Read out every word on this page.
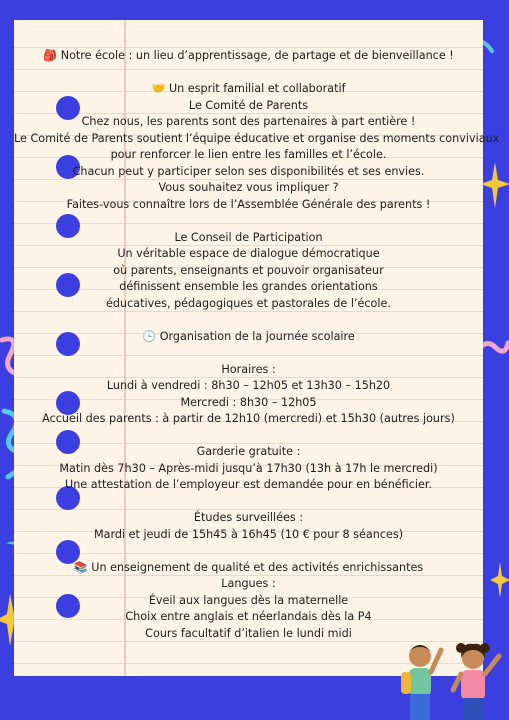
🎒 Notre école : un lieu d’apprentissage, de partage et de bienveillance !
🤝 Un esprit familial et collaboratif
Le Comité de Parents
Chez nous, les parents sont des partenaires à part entière !
Le Comité de Parents soutient l’équipe éducative et organise des moments conviviaux
pour renforcer le lien entre les familles et l’école.
Chacun peut y participer selon ses disponibilités et ses envies.
Vous souhaitez vous impliquer ?
Faites-vous connaître lors de l’Assemblée Générale des parents !
Le Conseil de Participation
Un véritable espace de dialogue démocratique
où parents, enseignants et pouvoir organisateur
définissent ensemble les grandes orientations
éducatives, pédagogiques et pastorales de l’école.
🕒 Organisation de la journée scolaire
Horaires :
Lundi à vendredi : 8h30 – 12h05 et 13h30 – 15h20
Mercredi : 8h30 – 12h05
Accueil des parents : à partir de 12h10 (mercredi) et 15h30 (autres jours)
Garderie gratuite :
Matin dès 7h30 – Après-midi jusqu’à 17h30 (13h à 17h le mercredi)
Une attestation de l’employeur est demandée pour en bénéficier.
Études surveillées :
Mardi et jeudi de 15h45 à 16h45 (10 € pour 8 séances)
📚 Un enseignement de qualité et des activités enrichissantes
Langues :
Éveil aux langues dès la maternelle
Choix entre anglais et néerlandais dès la P4
Cours facultatif d’italien le lundi midi
